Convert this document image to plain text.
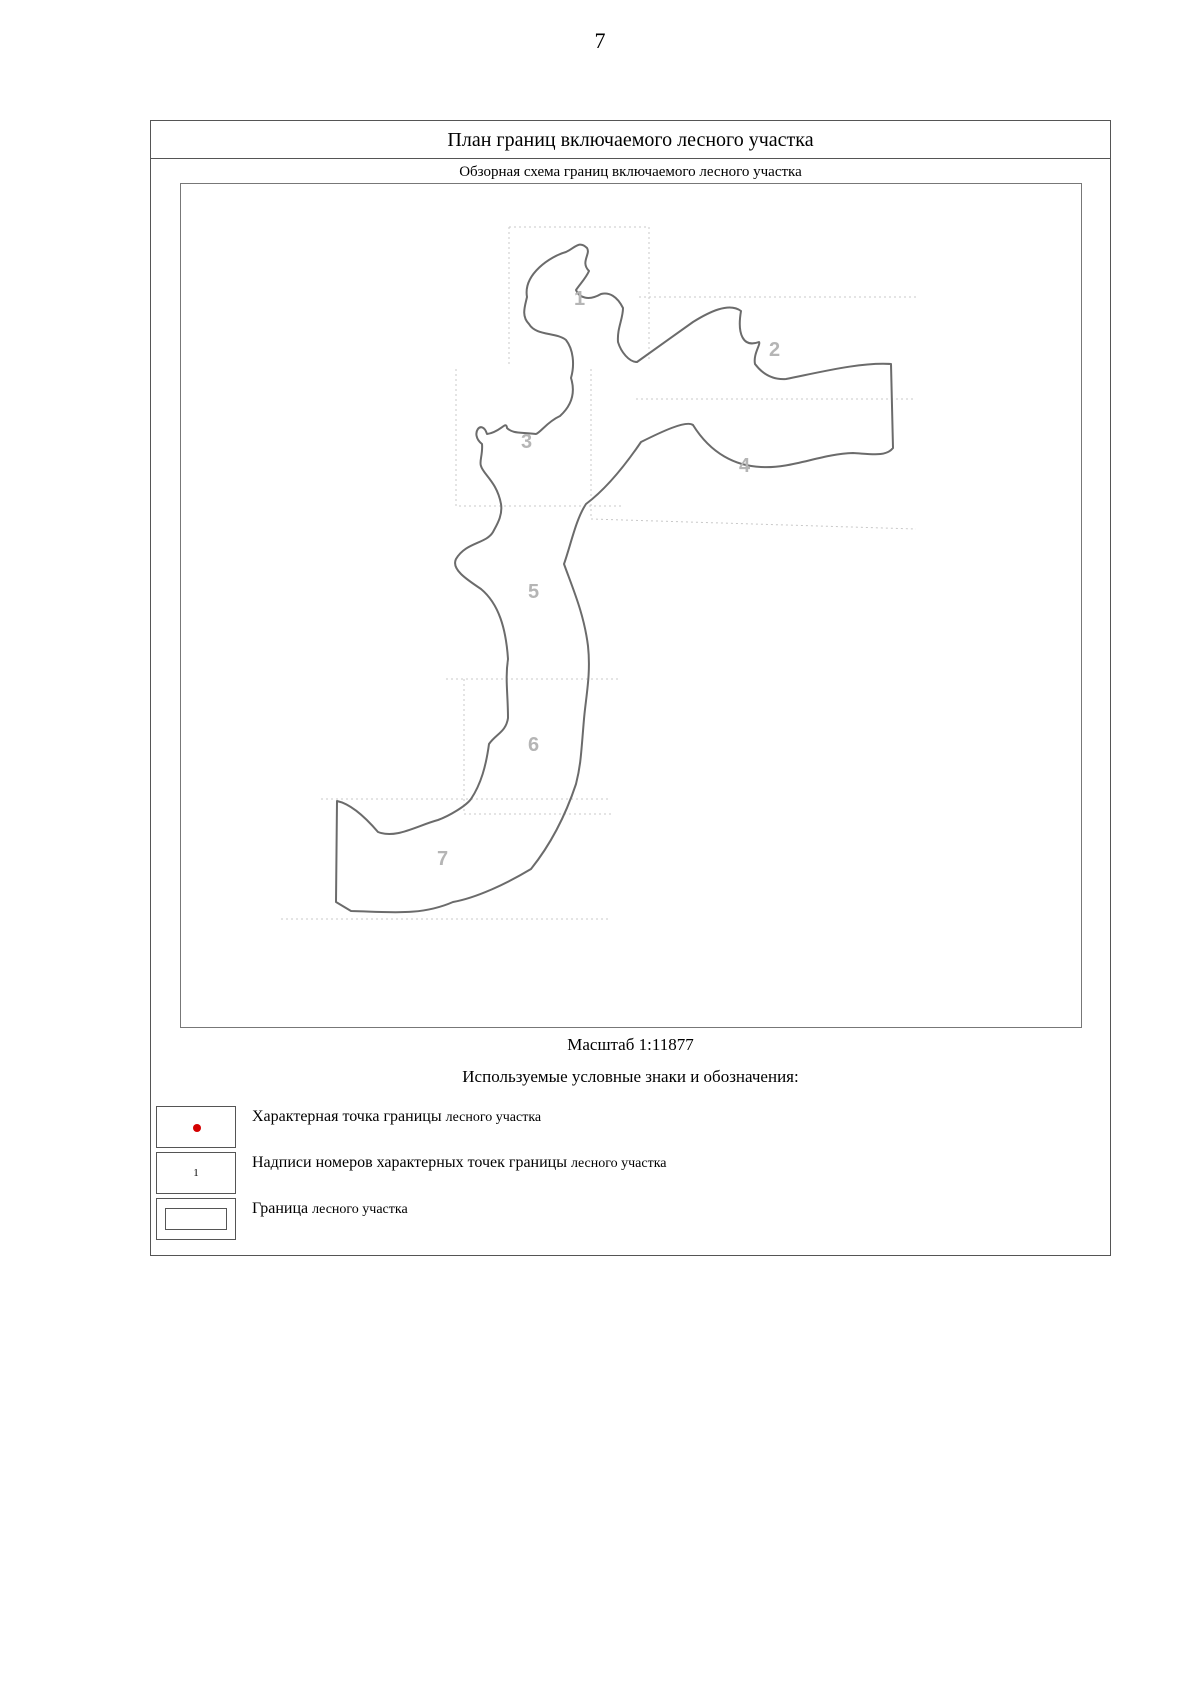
7
План границ включаемого лесного участка
Обзорная схема границ включаемого лесного участка
1
2
3
4
5
6
7
Масштаб 1:11877
Используемые условные знаки и обозначения:
Характерная точка границы лесного участка
1
Надписи номеров характерных точек границы лесного участка
Граница лесного участка
